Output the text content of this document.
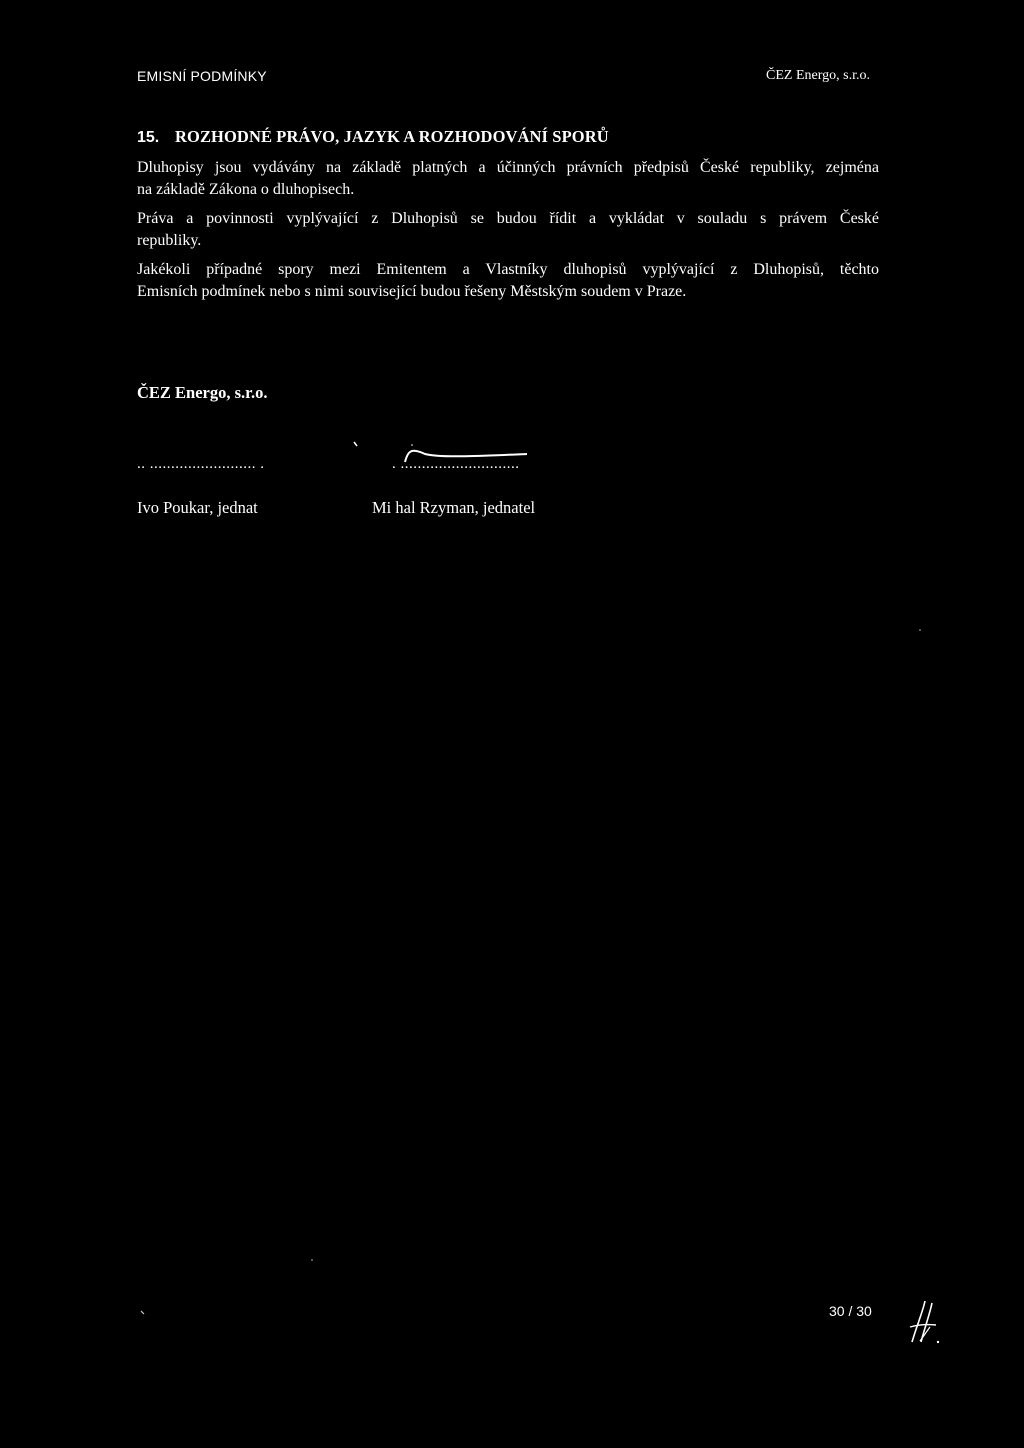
EMISNÍ PODMÍNKY	ČEZ Energo, s.r.o.
15. ROZHODNÉ PRÁVO, JAZYK A ROZHODOVÁNÍ SPORŮ
Dluhopisy jsou vydávány na základě platných a účinných právních předpisů České republiky, zejména
na základě Zákona o dluhopisech.
Práva a povinnosti vyplývající z Dluhopisů se budou řídit a vykládat v souladu s právem České
republiky.
Jakékoli případné spory mezi Emitentem a Vlastníky dluhopisů vyplývající z Dluhopisů, těchto
Emisních podmínek nebo s nimi související budou řešeny Městským soudem v Praze.
ČEZ Energo, s.r.o.
.. ......................... .	. ............................
Ivo Poukar, jednat	Mi hal Rzyman, jednatel
30 / 30
